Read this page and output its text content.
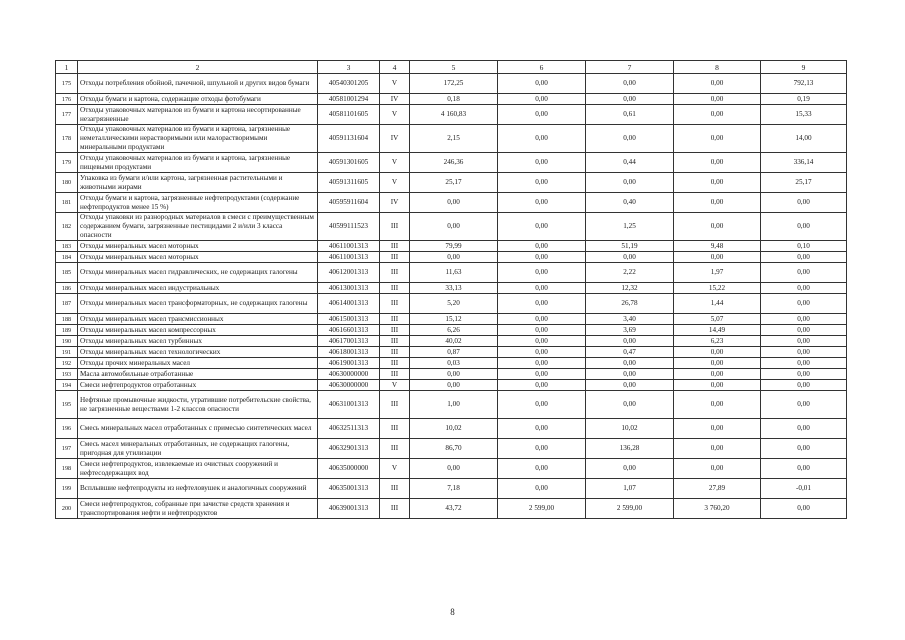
1	2	3	4	5	6	7	8	9
175	Отходы потребления обойной, пачечной, шпульной и других видов бумаги	40540301205	V	172,25	0,00	0,00	0,00	792,13
176	Отходы бумаги и картона, содержащие отходы фотобумаги	40581001294	IV	0,18	0,00	0,00	0,00	0,19
177	Отходы упаковочных материалов из бумаги и картона несортированные незагрязненные	40581101605	V	4 160,83	0,00	0,61	0,00	15,33
178	Отходы упаковочных материалов из бумаги и картона, загрязненные неметаллическими нерастворимыми или малорастворимыми минеральными продуктами	40591131604	IV	2,15	0,00	0,00	0,00	14,00
179	Отходы упаковочных материалов из бумаги и картона, загрязненные пищевыми продуктами	40591301605	V	246,36	0,00	0,44	0,00	336,14
180	Упаковка из бумаги и/или картона, загрязненная растительными и животными жирами	40591311605	V	25,17	0,00	0,00	0,00	25,17
181	Отходы бумаги и картона, загрязненные нефтепродуктами (содержание нефтепродуктов менее 15 %)	40595911604	IV	0,00	0,00	0,40	0,00	0,00
182	Отходы упаковки из разнородных материалов в смеси с преимущественным содержанием бумаги, загрязненные пестицидами 2 и/или 3 класса опасности	40599111523	III	0,00	0,00	1,25	0,00	0,00
183	Отходы минеральных масел моторных	40611001313	III	79,99	0,00	51,19	9,48	0,10
184	Отходы минеральных масел моторных	40611001313	III	0,00	0,00	0,00	0,00	0,00
185	Отходы минеральных масел гидравлических, не содержащих галогены	40612001313	III	11,63	0,00	2,22	1,97	0,00
186	Отходы минеральных масел индустриальных	40613001313	III	33,13	0,00	12,32	15,22	0,00
187	Отходы минеральных масел трансформаторных, не содержащих галогены	40614001313	III	5,20	0,00	26,78	1,44	0,00
188	Отходы минеральных масел трансмиссионных	40615001313	III	15,12	0,00	3,40	5,07	0,00
189	Отходы минеральных масел компрессорных	40616601313	III	6,26	0,00	3,69	14,49	0,00
190	Отходы минеральных масел турбинных	40617001313	III	40,02	0,00	0,00	6,23	0,00
191	Отходы минеральных масел технологических	40618001313	III	0,87	0,00	0,47	0,00	0,00
192	Отходы прочих минеральных масел	40619001313	III	0,03	0,00	0,00	0,00	0,00
193	Масла автомобильные отработанные	40630000000	III	0,00	0,00	0,00	0,00	0,00
194	Смеси нефтепродуктов отработанных	40630000000	V	0,00	0,00	0,00	0,00	0,00
195	Нефтяные промывочные жидкости, утратившие потребительские свойства, не загрязненные веществами 1-2 классов опасности	40631001313	III	1,00	0,00	0,00	0,00	0,00
196	Смесь минеральных масел отработанных с примесью синтетических масел	40632511313	III	10,02	0,00	10,02	0,00	0,00
197	Смесь масел минеральных отработанных, не содержащих галогены, пригодная для утилизации	40632901313	III	86,70	0,00	136,28	0,00	0,00
198	Смеси нефтепродуктов, извлекаемые из очистных сооружений и нефтесодержащих вод	40635000000	V	0,00	0,00	0,00	0,00	0,00
199	Всплывшие нефтепродукты из нефтеловушек и аналогичных сооружений	40635001313	III	7,18	0,00	1,07	27,89	-0,01
200	Смеси нефтепродуктов, собранные при зачистке средств хранения и транспортирования нефти и нефтепродуктов	40639001313	III	43,72	2 599,00	2 599,00	3 760,20	0,00
8
